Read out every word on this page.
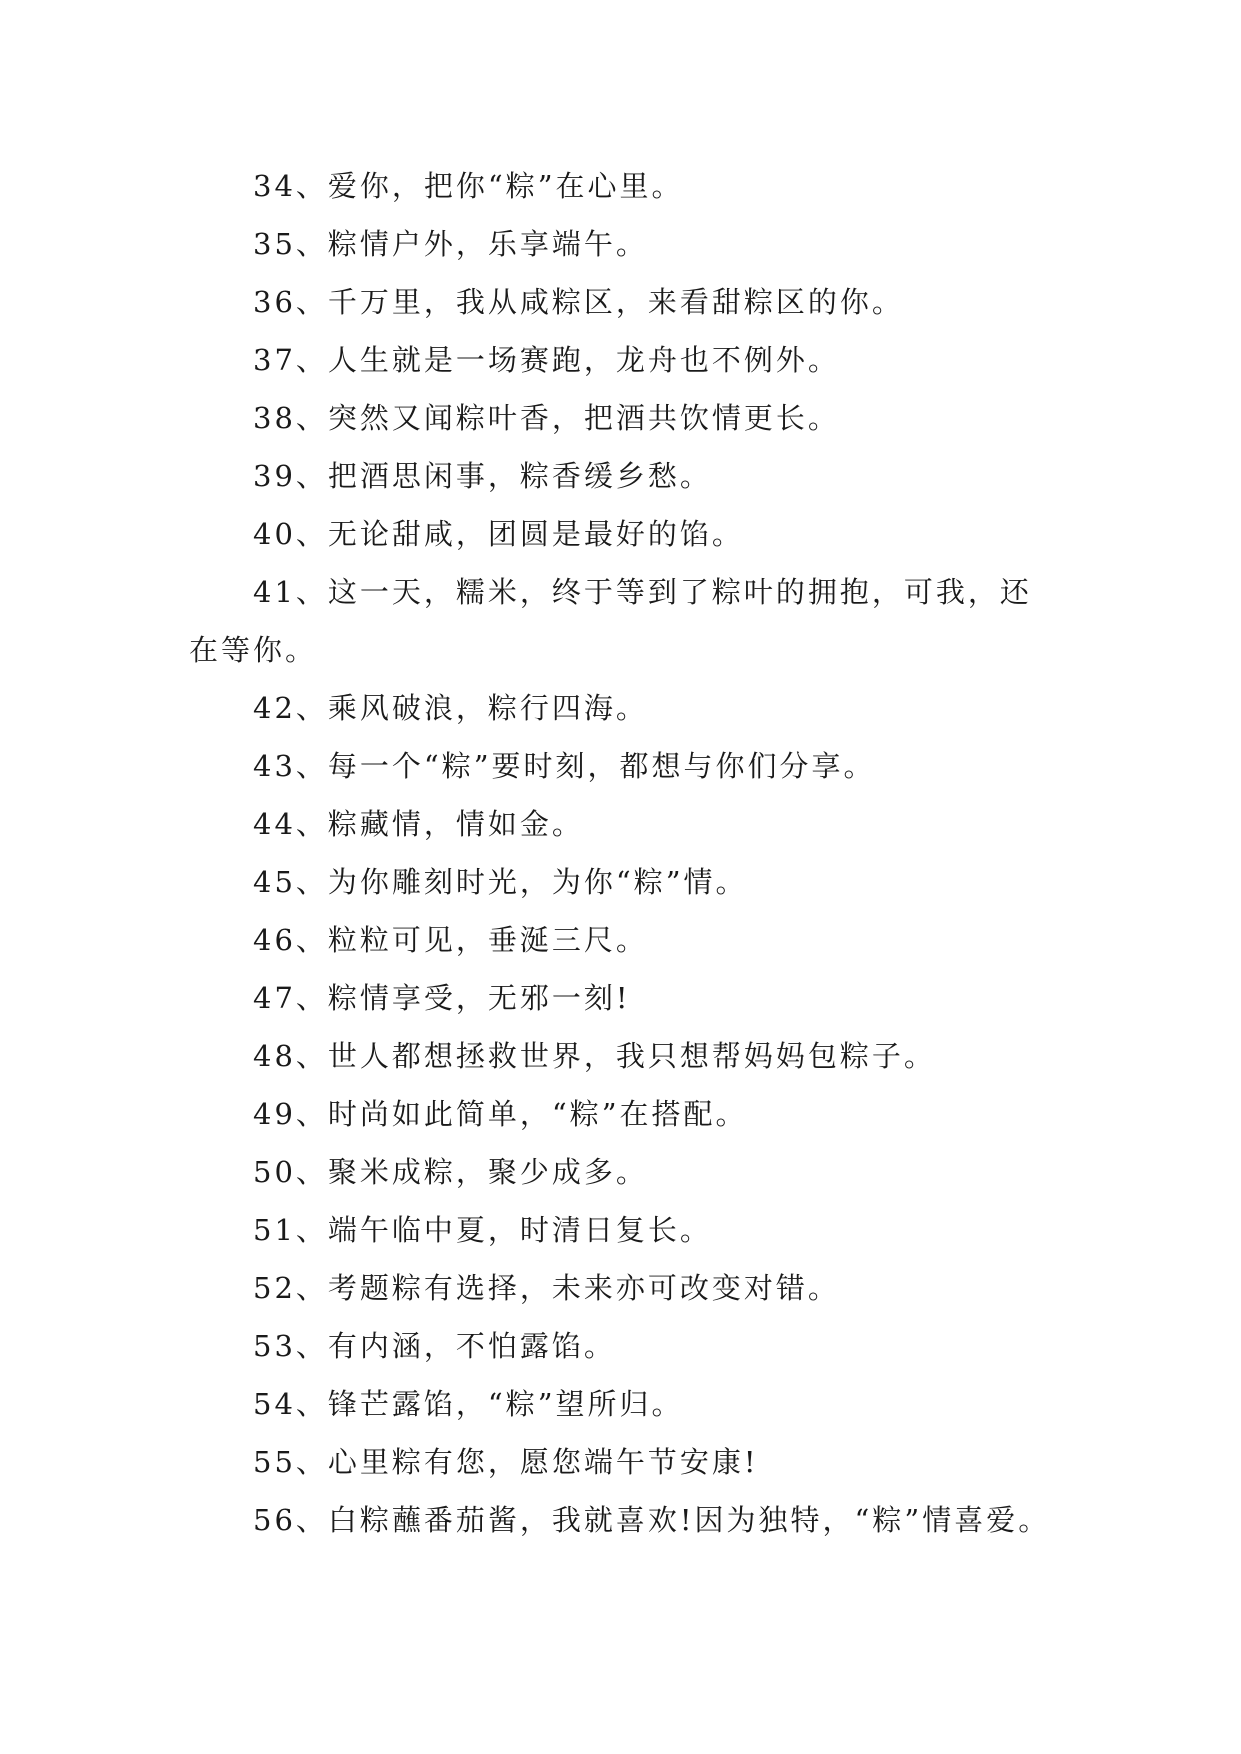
34、爱你，把你“粽”在心里。

35、粽情户外，乐享端午。

36、千万里，我从咸粽区，来看甜粽区的你。

37、人生就是一场赛跑，龙舟也不例外。

38、突然又闻粽叶香，把酒共饮情更长。

39、把酒思闲事，粽香缓乡愁。

40、无论甜咸，团圆是最好的馅。

41、这一天，糯米，终于等到了粽叶的拥抱，可我，还在等你。

42、乘风破浪，粽行四海。

43、每一个“粽”要时刻，都想与你们分享。

44、粽藏情，情如金。

45、为你雕刻时光，为你“粽”情。

46、粒粒可见，垂涎三尺。

47、粽情享受，无邪一刻!

48、世人都想拯救世界，我只想帮妈妈包粽子。

49、时尚如此简单，“粽”在搭配。

50、聚米成粽，聚少成多。

51、端午临中夏，时清日复长。

52、考题粽有选择，未来亦可改变对错。

53、有内涵，不怕露馅。

54、锋芒露馅，“粽”望所归。

55、心里粽有您，愿您端午节安康!

56、白粽蘸番茄酱，我就喜欢!因为独特，“粽”情喜爱。
